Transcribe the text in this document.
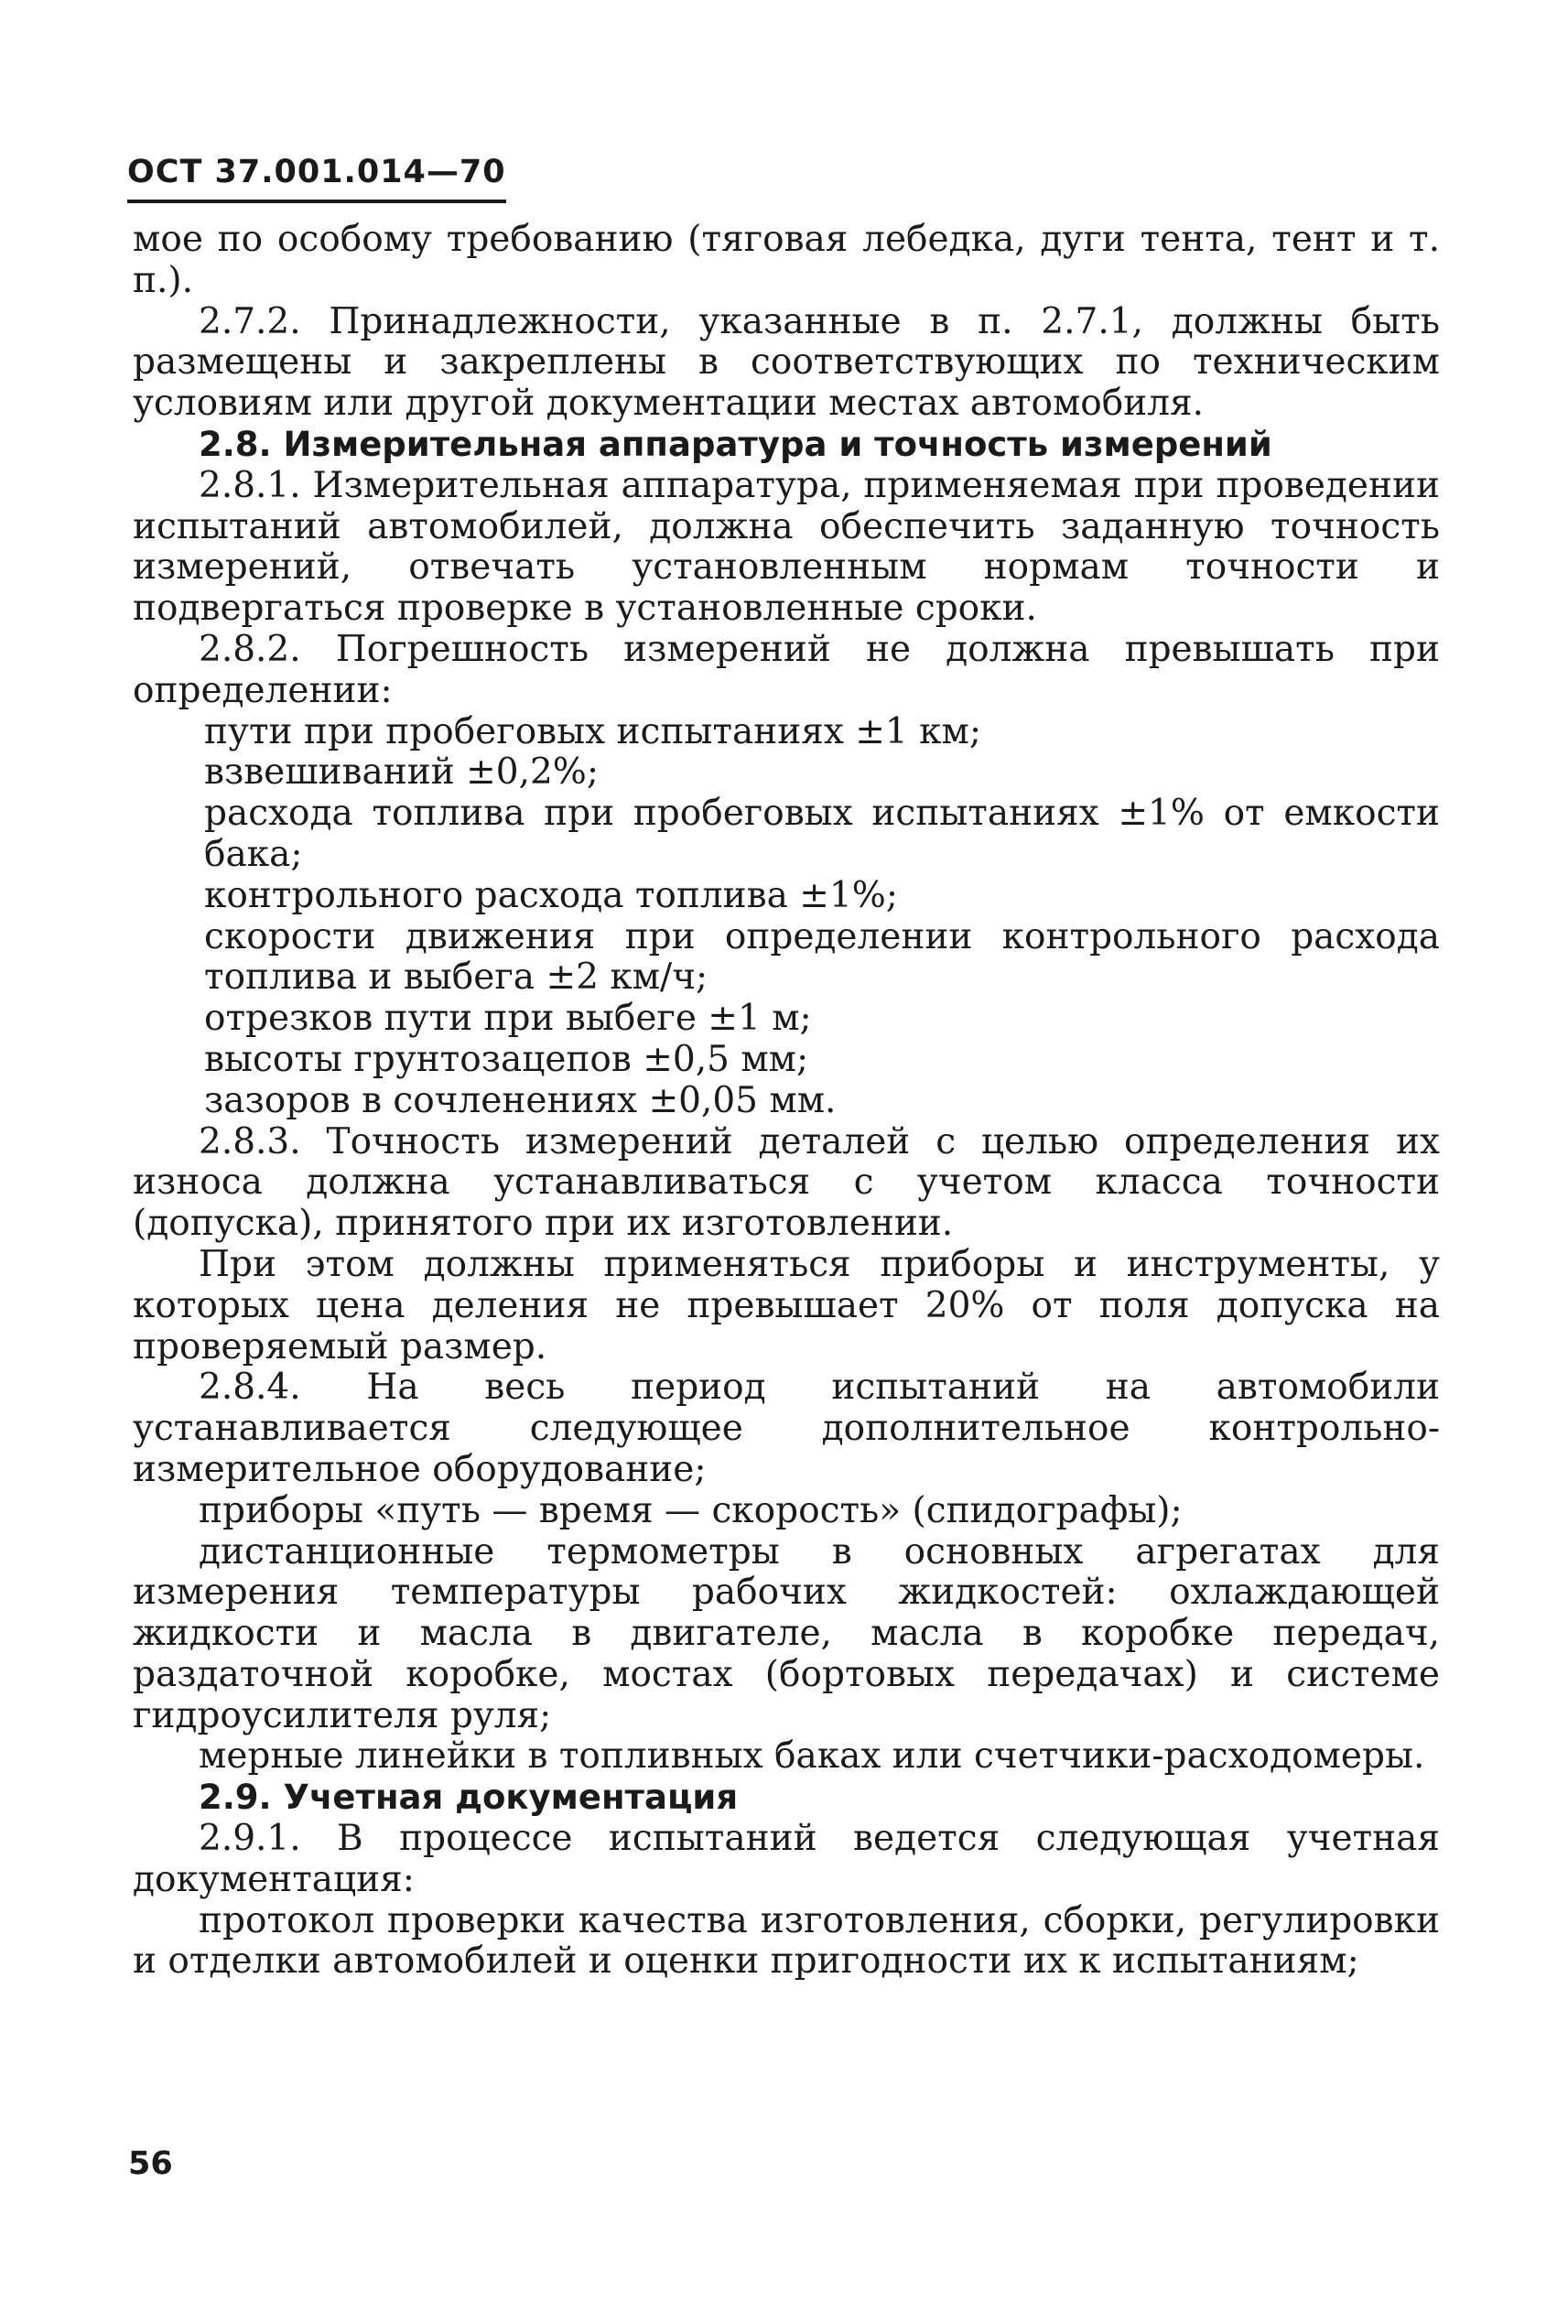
ОСТ 37.001.014—70

мое по особому требованию (тяговая лебедка, дуги тента, тент и т. п.).

2.7.2. Принадлежности, указанные в п. 2.7.1, должны быть размещены и закреплены в соответствующих по техническим условиям или другой документации местах автомобиля.

2.8. Измерительная аппаратура и точность измерений

2.8.1. Измерительная аппаратура, применяемая при проведении испытаний автомобилей, должна обеспечить заданную точность измерений, отвечать установленным нормам точности и подвергаться проверке в установленные сроки.

2.8.2. Погрешность измерений не должна превышать при определении:

пути при пробеговых испытаниях ±1 км;

взвешиваний ±0,2%;

расхода топлива при пробеговых испытаниях ±1% от емкости бака;

контрольного расхода топлива ±1%;

скорости движения при определении контрольного расхода топлива и выбега ±2 км/ч;

отрезков пути при выбеге ±1 м;

высоты грунтозацепов ±0,5 мм;

зазоров в сочленениях ±0,05 мм.

2.8.3. Точность измерений деталей с целью определения их износа должна устанавливаться с учетом класса точности (допуска), принятого при их изготовлении.

При этом должны применяться приборы и инструменты, у которых цена деления не превышает 20% от поля допуска на проверяемый размер.

2.8.4. На весь период испытаний на автомобили устанавливается следующее дополнительное контрольно-измерительное оборудование;

приборы «путь — время — скорость» (спидографы);

дистанционные термометры в основных агрегатах для измерения температуры рабочих жидкостей: охлаждающей жидкости и масла в двигателе, масла в коробке передач, раздаточной коробке, мостах (бортовых передачах) и системе гидроусилителя руля;

мерные линейки в топливных баках или счетчики-расходомеры.

2.9. Учетная документация

2.9.1. В процессе испытаний ведется следующая учетная документация:

протокол проверки качества изготовления, сборки, регулировки и отделки автомобилей и оценки пригодности их к испытаниям;

56
